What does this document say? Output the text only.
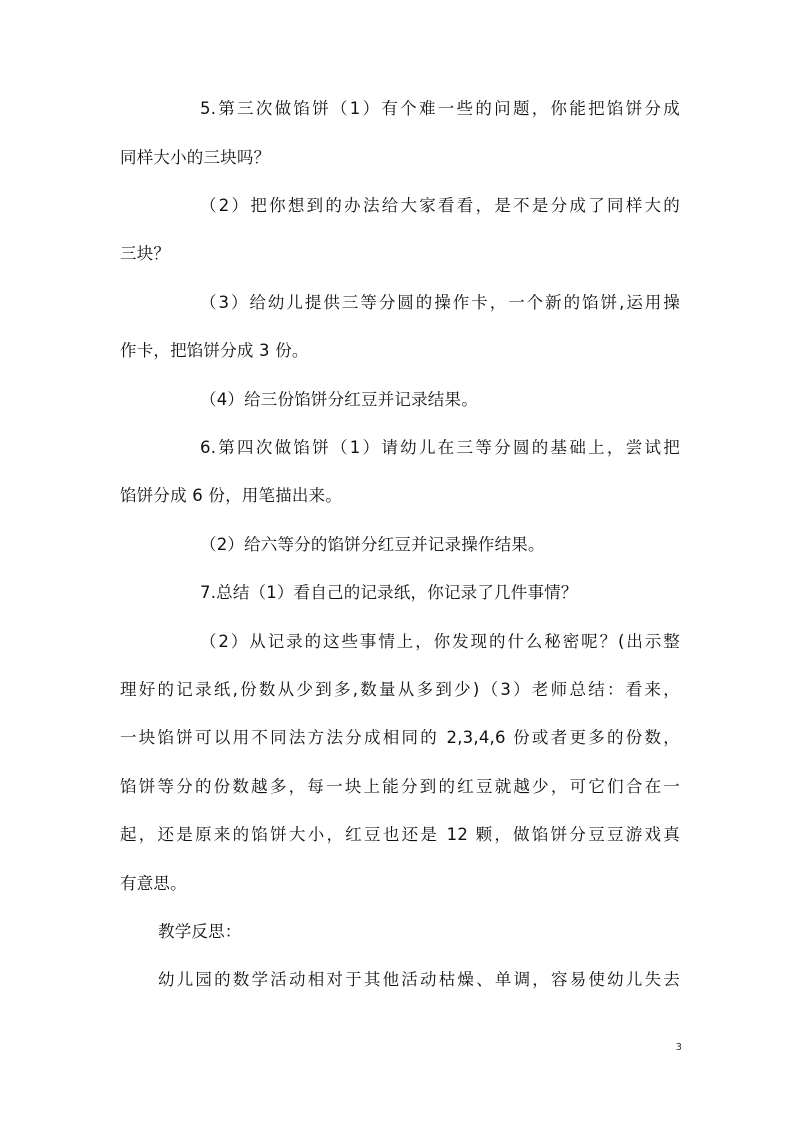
5.第三次做馅饼（1）有个难一些的问题，你能把馅饼分成
同样大小的三块吗？
（2）把你想到的办法给大家看看，是不是分成了同样大的
三块？
（3）给幼儿提供三等分圆的操作卡，一个新的馅饼,运用操
作卡，把馅饼分成 3 份。
（4）给三份馅饼分红豆并记录结果。
6.第四次做馅饼（1）请幼儿在三等分圆的基础上，尝试把
馅饼分成 6 份，用笔描出来。
（2）给六等分的馅饼分红豆并记录操作结果。
7.总结（1）看自己的记录纸，你记录了几件事情？
（2）从记录的这些事情上，你发现的什么秘密呢？(出示整
理好的记录纸,份数从少到多,数量从多到少)（3）老师总结：看来，
一块馅饼可以用不同法方法分成相同的 2,3,4,6 份或者更多的份数，
馅饼等分的份数越多，每一块上能分到的红豆就越少，可它们合在一
起，还是原来的馅饼大小，红豆也还是 12 颗，做馅饼分豆豆游戏真
有意思。
教学反思：
幼儿园的数学活动相对于其他活动枯燥、单调，容易使幼儿失去
3
